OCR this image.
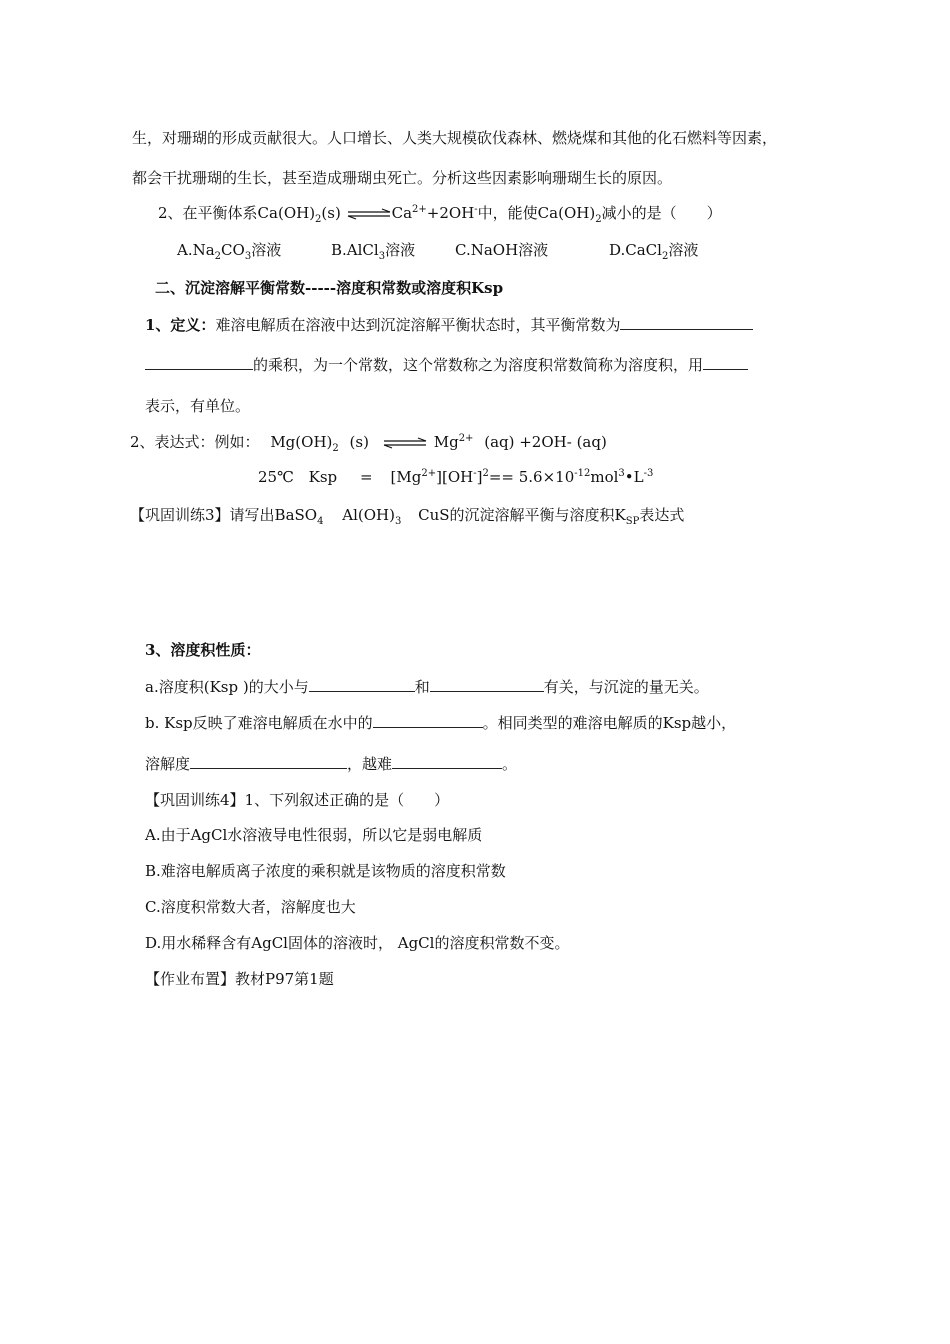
生，对珊瑚的形成贡献很大。人口增长、人类大规模砍伐森林、燃烧煤和其他的化石燃料等因素，
都会干扰珊瑚的生长，甚至造成珊瑚虫死亡。分析这些因素影响珊瑚生长的原因。
2、在平衡体系$Ca(OH)_2(s)$ $\rightleftharpoons Ca^{2+}+2OH^-$中，能使$Ca(OH)_2$减小的是（　　）
$A.Na_2CO_3$溶液	B.AlCl$_3$溶液	C.NaOH溶液	D.CaCl$_2$溶液
二、沉淀溶解平衡常数-----溶度积常数或溶度积Ksp
1、定义：难溶电解质在溶液中达到沉淀溶解平衡状态时，其平衡常数为
的乘积，为一个常数，这个常数称之为溶度积常数简称为溶度积，用
表示，有单位。
2、表达式：例如： $Mg(OH)_2$ (s) ⇌ $Mg^{2+}$ (aq) +2OH- (aq)
25℃ Ksp = $[Mg^{2+}][OH^-]^2==$ $5.6\times 10^{-12}mol^3•L^{-3}$
【巩固训练3】请写出BaSO$_4$ $Al(OH)_3$ CuS的沉淀溶解平衡与溶度积$K_{SP}$表达式
3、溶度积性质：
a.溶度积(Ksp )的大小与	和	有关，与沉淀的量无关。
b. Ksp反映了难溶电解质在水中的	。相同类型的难溶电解质的Ksp越小，
溶解度	，越难	。
【巩固训练4】1、下列叙述正确的是（　　）
A.由于AgCl水溶液导电性很弱，所以它是弱电解质
B.难溶电解质离子浓度的乘积就是该物质的溶度积常数
C.溶度积常数大者，溶解度也大
D.用水稀释含有AgCl固体的溶液时， AgCl的溶度积常数不变。
【作业布置】教材P97第1题
